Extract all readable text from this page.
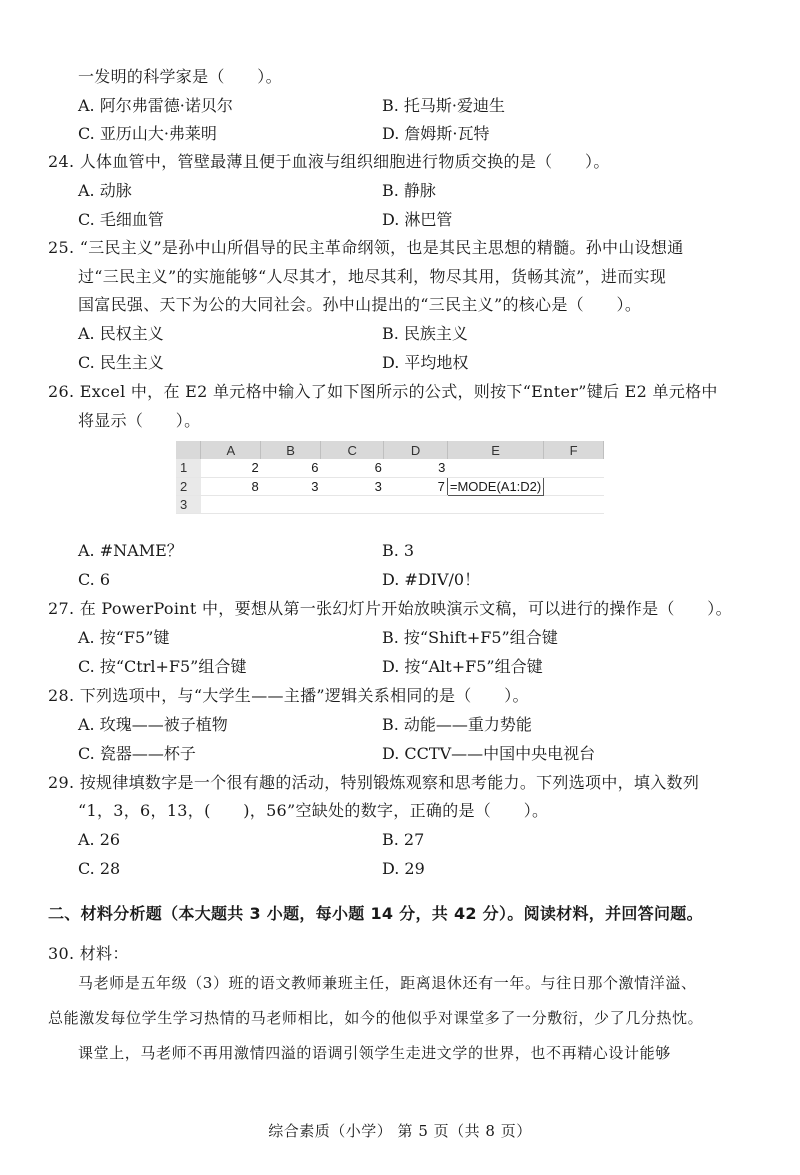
一发明的科学家是（　　）。
A. 阿尔弗雷德·诺贝尔	B. 托马斯·爱迪生
C. 亚历山大·弗莱明	D. 詹姆斯·瓦特
24. 人体血管中，管壁最薄且便于血液与组织细胞进行物质交换的是（　　）。
A. 动脉	B. 静脉
C. 毛细血管	D. 淋巴管
25. “三民主义”是孙中山所倡导的民主革命纲领，也是其民主思想的精髓。孙中山设想通
过“三民主义”的实施能够“人尽其才，地尽其利，物尽其用，货畅其流”，进而实现
国富民强、天下为公的大同社会。孙中山提出的“三民主义”的核心是（　　）。
A. 民权主义	B. 民族主义
C. 民生主义	D. 平均地权
26. Excel 中，在 E2 单元格中输入了如下图所示的公式，则按下“Enter”键后 E2 单元格中
将显示（　　）。
	A	B	C	D	E	F
1	2	6	6	3		
2	8	3	3	7	=MODE(A1:D2)	
3						
A. #NAME？	B. 3
C. 6	D. #DIV/0！
27. 在 PowerPoint 中，要想从第一张幻灯片开始放映演示文稿，可以进行的操作是（　　）。
A. 按“F5”键	B. 按“Shift+F5”组合键
C. 按“Ctrl+F5”组合键	D. 按“Alt+F5”组合键
28. 下列选项中，与“大学生——主播”逻辑关系相同的是（　　）。
A. 玫瑰——被子植物	B. 动能——重力势能
C. 瓷器——杯子	D. CCTV——中国中央电视台
29. 按规律填数字是一个很有趣的活动，特别锻炼观察和思考能力。下列选项中，填入数列
“1，3，6，13，(　　)，56”空缺处的数字，正确的是（　　）。
A. 26	B. 27
C. 28	D. 29
二、材料分析题（本大题共 3 小题，每小题 14 分，共 42 分）。阅读材料，并回答问题。
30. 材料：
马老师是五年级（3）班的语文教师兼班主任，距离退休还有一年。与往日那个激情洋溢、
总能激发每位学生学习热情的马老师相比，如今的他似乎对课堂多了一分敷衍，少了几分热忱。
课堂上，马老师不再用激情四溢的语调引领学生走进文学的世界，也不再精心设计能够
综合素质（小学） 第 5 页（共 8 页）
